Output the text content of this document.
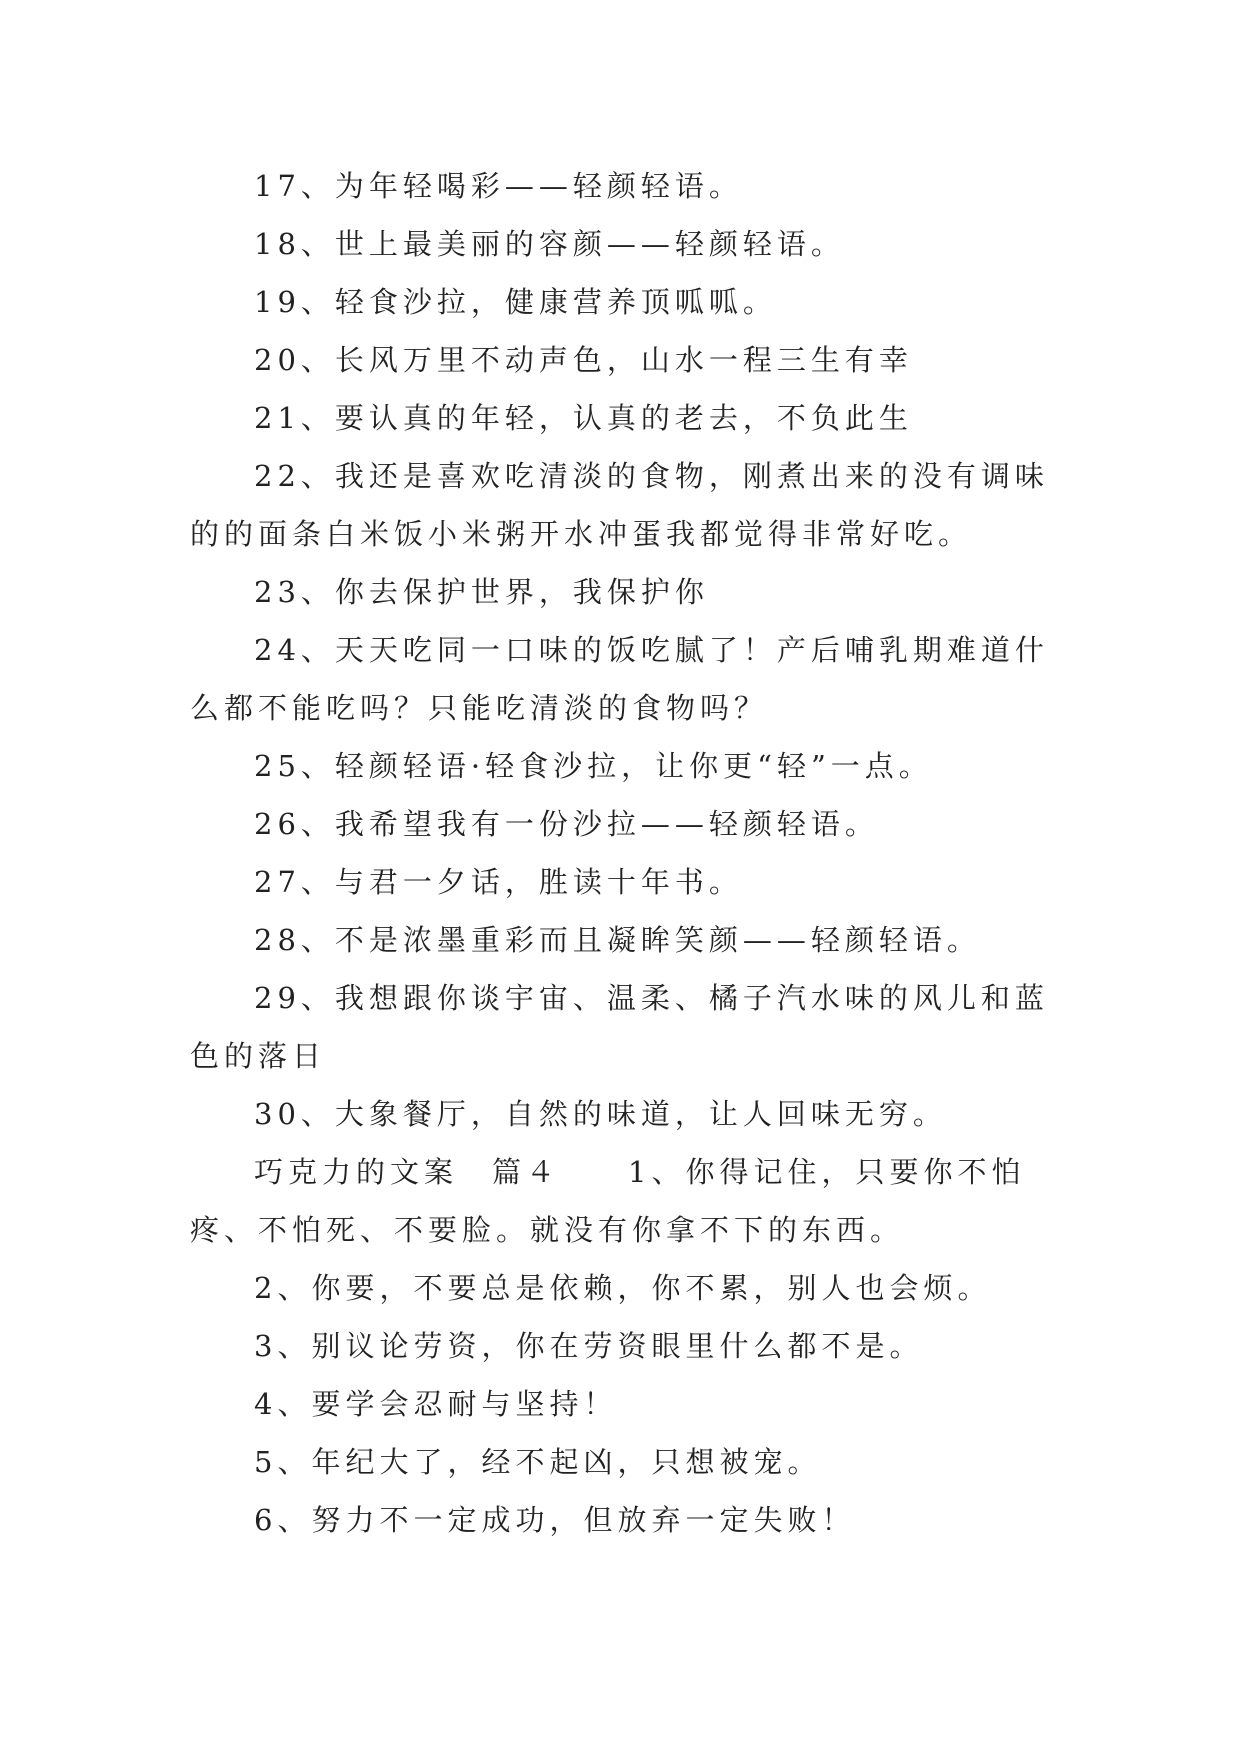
17、为年轻喝彩——轻颜轻语。

18、世上最美丽的容颜——轻颜轻语。

19、轻食沙拉，健康营养顶呱呱。

20、长风万里不动声色，山水一程三生有幸

21、要认真的年轻，认真的老去，不负此生

22、我还是喜欢吃清淡的食物，刚煮出来的没有调味的的面条白米饭小米粥开水冲蛋我都觉得非常好吃。

23、你去保护世界，我保护你

24、天天吃同一口味的饭吃腻了！产后哺乳期难道什么都不能吃吗？只能吃清淡的食物吗？

25、轻颜轻语·轻食沙拉，让你更“轻”一点。

26、我希望我有一份沙拉——轻颜轻语。

27、与君一夕话，胜读十年书。

28、不是浓墨重彩而且凝眸笑颜——轻颜轻语。

29、我想跟你谈宇宙、温柔、橘子汽水味的风儿和蓝色的落日

30、大象餐厅，自然的味道，让人回味无穷。

巧克力的文案　篇４　　1、你得记住，只要你不怕疼、不怕死、不要脸。就没有你拿不下的东西。

2、你要，不要总是依赖，你不累，别人也会烦。

3、别议论劳资，你在劳资眼里什么都不是。

4、要学会忍耐与坚持！

5、年纪大了，经不起凶，只想被宠。

6、努力不一定成功，但放弃一定失败！
